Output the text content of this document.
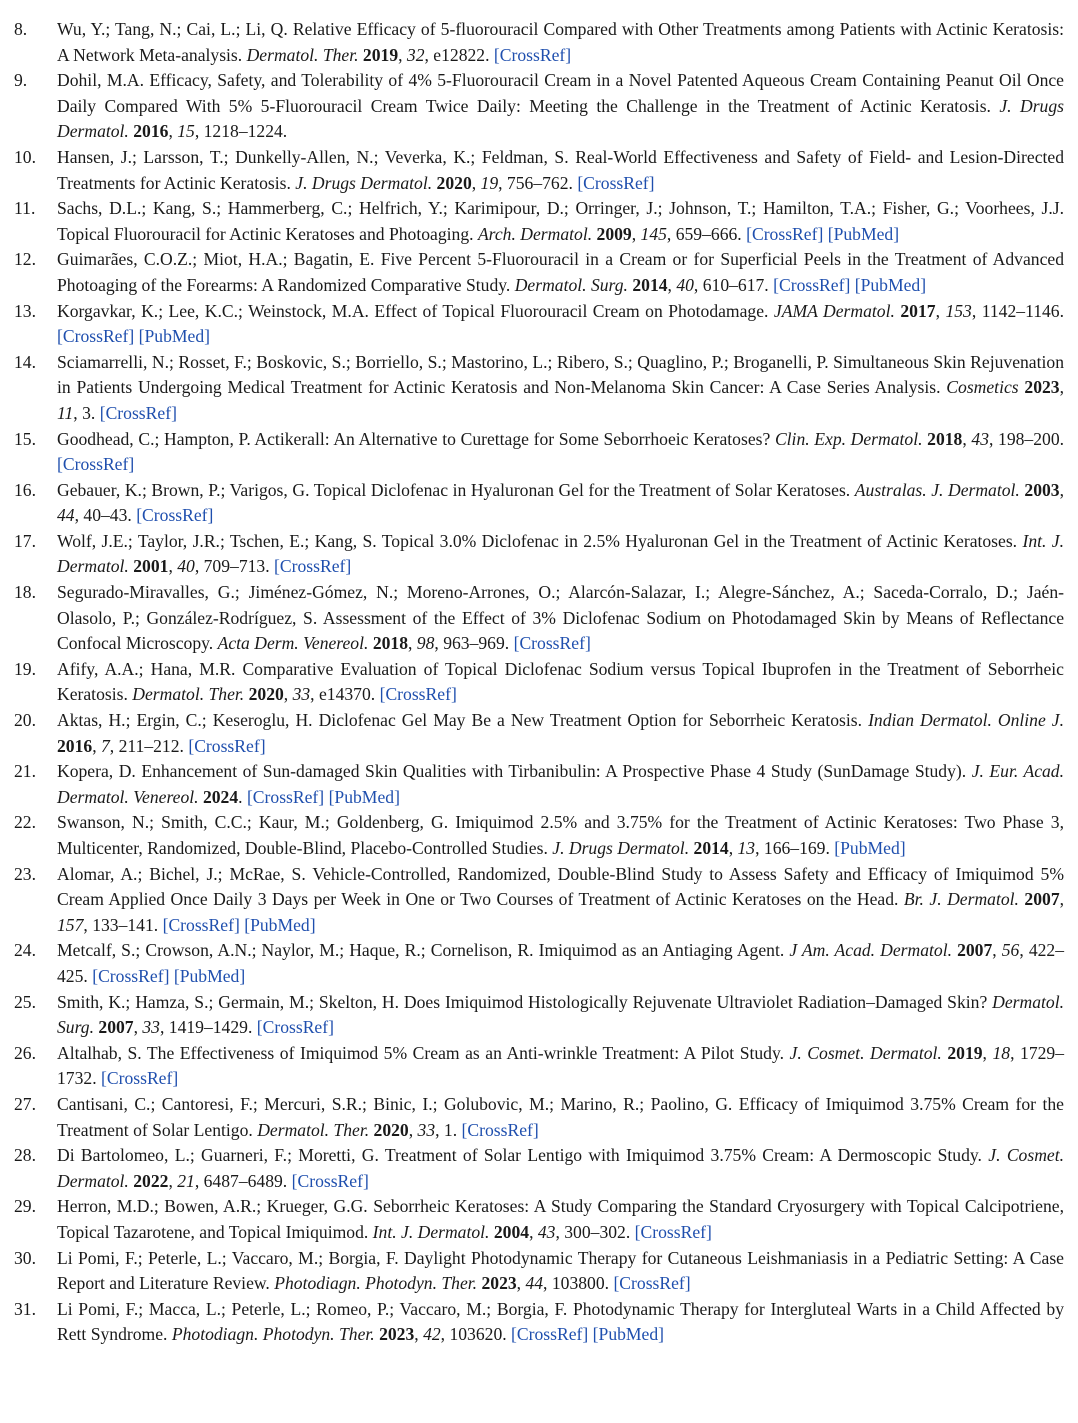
8. Wu, Y.; Tang, N.; Cai, L.; Li, Q. Relative Efficacy of 5-fluorouracil Compared with Other Treatments among Patients with Actinic Keratosis: A Network Meta-analysis. Dermatol. Ther. 2019, 32, e12822. [CrossRef]
9. Dohil, M.A. Efficacy, Safety, and Tolerability of 4% 5-Fluorouracil Cream in a Novel Patented Aqueous Cream Containing Peanut Oil Once Daily Compared With 5% 5-Fluorouracil Cream Twice Daily: Meeting the Challenge in the Treatment of Actinic Keratosis. J. Drugs Dermatol. 2016, 15, 1218–1224.
10. Hansen, J.; Larsson, T.; Dunkelly-Allen, N.; Veverka, K.; Feldman, S. Real-World Effectiveness and Safety of Field- and Lesion-Directed Treatments for Actinic Keratosis. J. Drugs Dermatol. 2020, 19, 756–762. [CrossRef]
11. Sachs, D.L.; Kang, S.; Hammerberg, C.; Helfrich, Y.; Karimipour, D.; Orringer, J.; Johnson, T.; Hamilton, T.A.; Fisher, G.; Voorhees, J.J. Topical Fluorouracil for Actinic Keratoses and Photoaging. Arch. Dermatol. 2009, 145, 659–666. [CrossRef] [PubMed]
12. Guimarães, C.O.Z.; Miot, H.A.; Bagatin, E. Five Percent 5-Fluorouracil in a Cream or for Superficial Peels in the Treatment of Advanced Photoaging of the Forearms: A Randomized Comparative Study. Dermatol. Surg. 2014, 40, 610–617. [CrossRef] [PubMed]
13. Korgavkar, K.; Lee, K.C.; Weinstock, M.A. Effect of Topical Fluorouracil Cream on Photodamage. JAMA Dermatol. 2017, 153, 1142–1146. [CrossRef] [PubMed]
14. Sciamarrelli, N.; Rosset, F.; Boskovic, S.; Borriello, S.; Mastorino, L.; Ribero, S.; Quaglino, P.; Broganelli, P. Simultaneous Skin Rejuvenation in Patients Undergoing Medical Treatment for Actinic Keratosis and Non-Melanoma Skin Cancer: A Case Series Analysis. Cosmetics 2023, 11, 3. [CrossRef]
15. Goodhead, C.; Hampton, P. Actikerall: An Alternative to Curettage for Some Seborrhoeic Keratoses? Clin. Exp. Dermatol. 2018, 43, 198–200. [CrossRef]
16. Gebauer, K.; Brown, P.; Varigos, G. Topical Diclofenac in Hyaluronan Gel for the Treatment of Solar Keratoses. Australas. J. Dermatol. 2003, 44, 40–43. [CrossRef]
17. Wolf, J.E.; Taylor, J.R.; Tschen, E.; Kang, S. Topical 3.0% Diclofenac in 2.5% Hyaluronan Gel in the Treatment of Actinic Keratoses. Int. J. Dermatol. 2001, 40, 709–713. [CrossRef]
18. Segurado-Miravalles, G.; Jiménez-Gómez, N.; Moreno-Arrones, O.; Alarcón-Salazar, I.; Alegre-Sánchez, A.; Saceda-Corralo, D.; Jaén-Olasolo, P.; González-Rodríguez, S. Assessment of the Effect of 3% Diclofenac Sodium on Photodamaged Skin by Means of Reflectance Confocal Microscopy. Acta Derm. Venereol. 2018, 98, 963–969. [CrossRef]
19. Afify, A.A.; Hana, M.R. Comparative Evaluation of Topical Diclofenac Sodium versus Topical Ibuprofen in the Treatment of Seborrheic Keratosis. Dermatol. Ther. 2020, 33, e14370. [CrossRef]
20. Aktas, H.; Ergin, C.; Keseroglu, H. Diclofenac Gel May Be a New Treatment Option for Seborrheic Keratosis. Indian Dermatol. Online J. 2016, 7, 211–212. [CrossRef]
21. Kopera, D. Enhancement of Sun-damaged Skin Qualities with Tirbanibulin: A Prospective Phase 4 Study (SunDamage Study). J. Eur. Acad. Dermatol. Venereol. 2024. [CrossRef] [PubMed]
22. Swanson, N.; Smith, C.C.; Kaur, M.; Goldenberg, G. Imiquimod 2.5% and 3.75% for the Treatment of Actinic Keratoses: Two Phase 3, Multicenter, Randomized, Double-Blind, Placebo-Controlled Studies. J. Drugs Dermatol. 2014, 13, 166–169. [PubMed]
23. Alomar, A.; Bichel, J.; McRae, S. Vehicle-Controlled, Randomized, Double-Blind Study to Assess Safety and Efficacy of Imiquimod 5% Cream Applied Once Daily 3 Days per Week in One or Two Courses of Treatment of Actinic Keratoses on the Head. Br. J. Dermatol. 2007, 157, 133–141. [CrossRef] [PubMed]
24. Metcalf, S.; Crowson, A.N.; Naylor, M.; Haque, R.; Cornelison, R. Imiquimod as an Antiaging Agent. J Am. Acad. Dermatol. 2007, 56, 422–425. [CrossRef] [PubMed]
25. Smith, K.; Hamza, S.; Germain, M.; Skelton, H. Does Imiquimod Histologically Rejuvenate Ultraviolet Radiation–Damaged Skin? Dermatol. Surg. 2007, 33, 1419–1429. [CrossRef]
26. Altalhab, S. The Effectiveness of Imiquimod 5% Cream as an Anti-wrinkle Treatment: A Pilot Study. J. Cosmet. Dermatol. 2019, 18, 1729–1732. [CrossRef]
27. Cantisani, C.; Cantoresi, F.; Mercuri, S.R.; Binic, I.; Golubovic, M.; Marino, R.; Paolino, G. Efficacy of Imiquimod 3.75% Cream for the Treatment of Solar Lentigo. Dermatol. Ther. 2020, 33, 1. [CrossRef]
28. Di Bartolomeo, L.; Guarneri, F.; Moretti, G. Treatment of Solar Lentigo with Imiquimod 3.75% Cream: A Dermoscopic Study. J. Cosmet. Dermatol. 2022, 21, 6487–6489. [CrossRef]
29. Herron, M.D.; Bowen, A.R.; Krueger, G.G. Seborrheic Keratoses: A Study Comparing the Standard Cryosurgery with Topical Calcipotriene, Topical Tazarotene, and Topical Imiquimod. Int. J. Dermatol. 2004, 43, 300–302. [CrossRef]
30. Li Pomi, F.; Peterle, L.; Vaccaro, M.; Borgia, F. Daylight Photodynamic Therapy for Cutaneous Leishmaniasis in a Pediatric Setting: A Case Report and Literature Review. Photodiagn. Photodyn. Ther. 2023, 44, 103800. [CrossRef]
31. Li Pomi, F.; Macca, L.; Peterle, L.; Romeo, P.; Vaccaro, M.; Borgia, F. Photodynamic Therapy for Intergluteal Warts in a Child Affected by Rett Syndrome. Photodiagn. Photodyn. Ther. 2023, 42, 103620. [CrossRef] [PubMed]
